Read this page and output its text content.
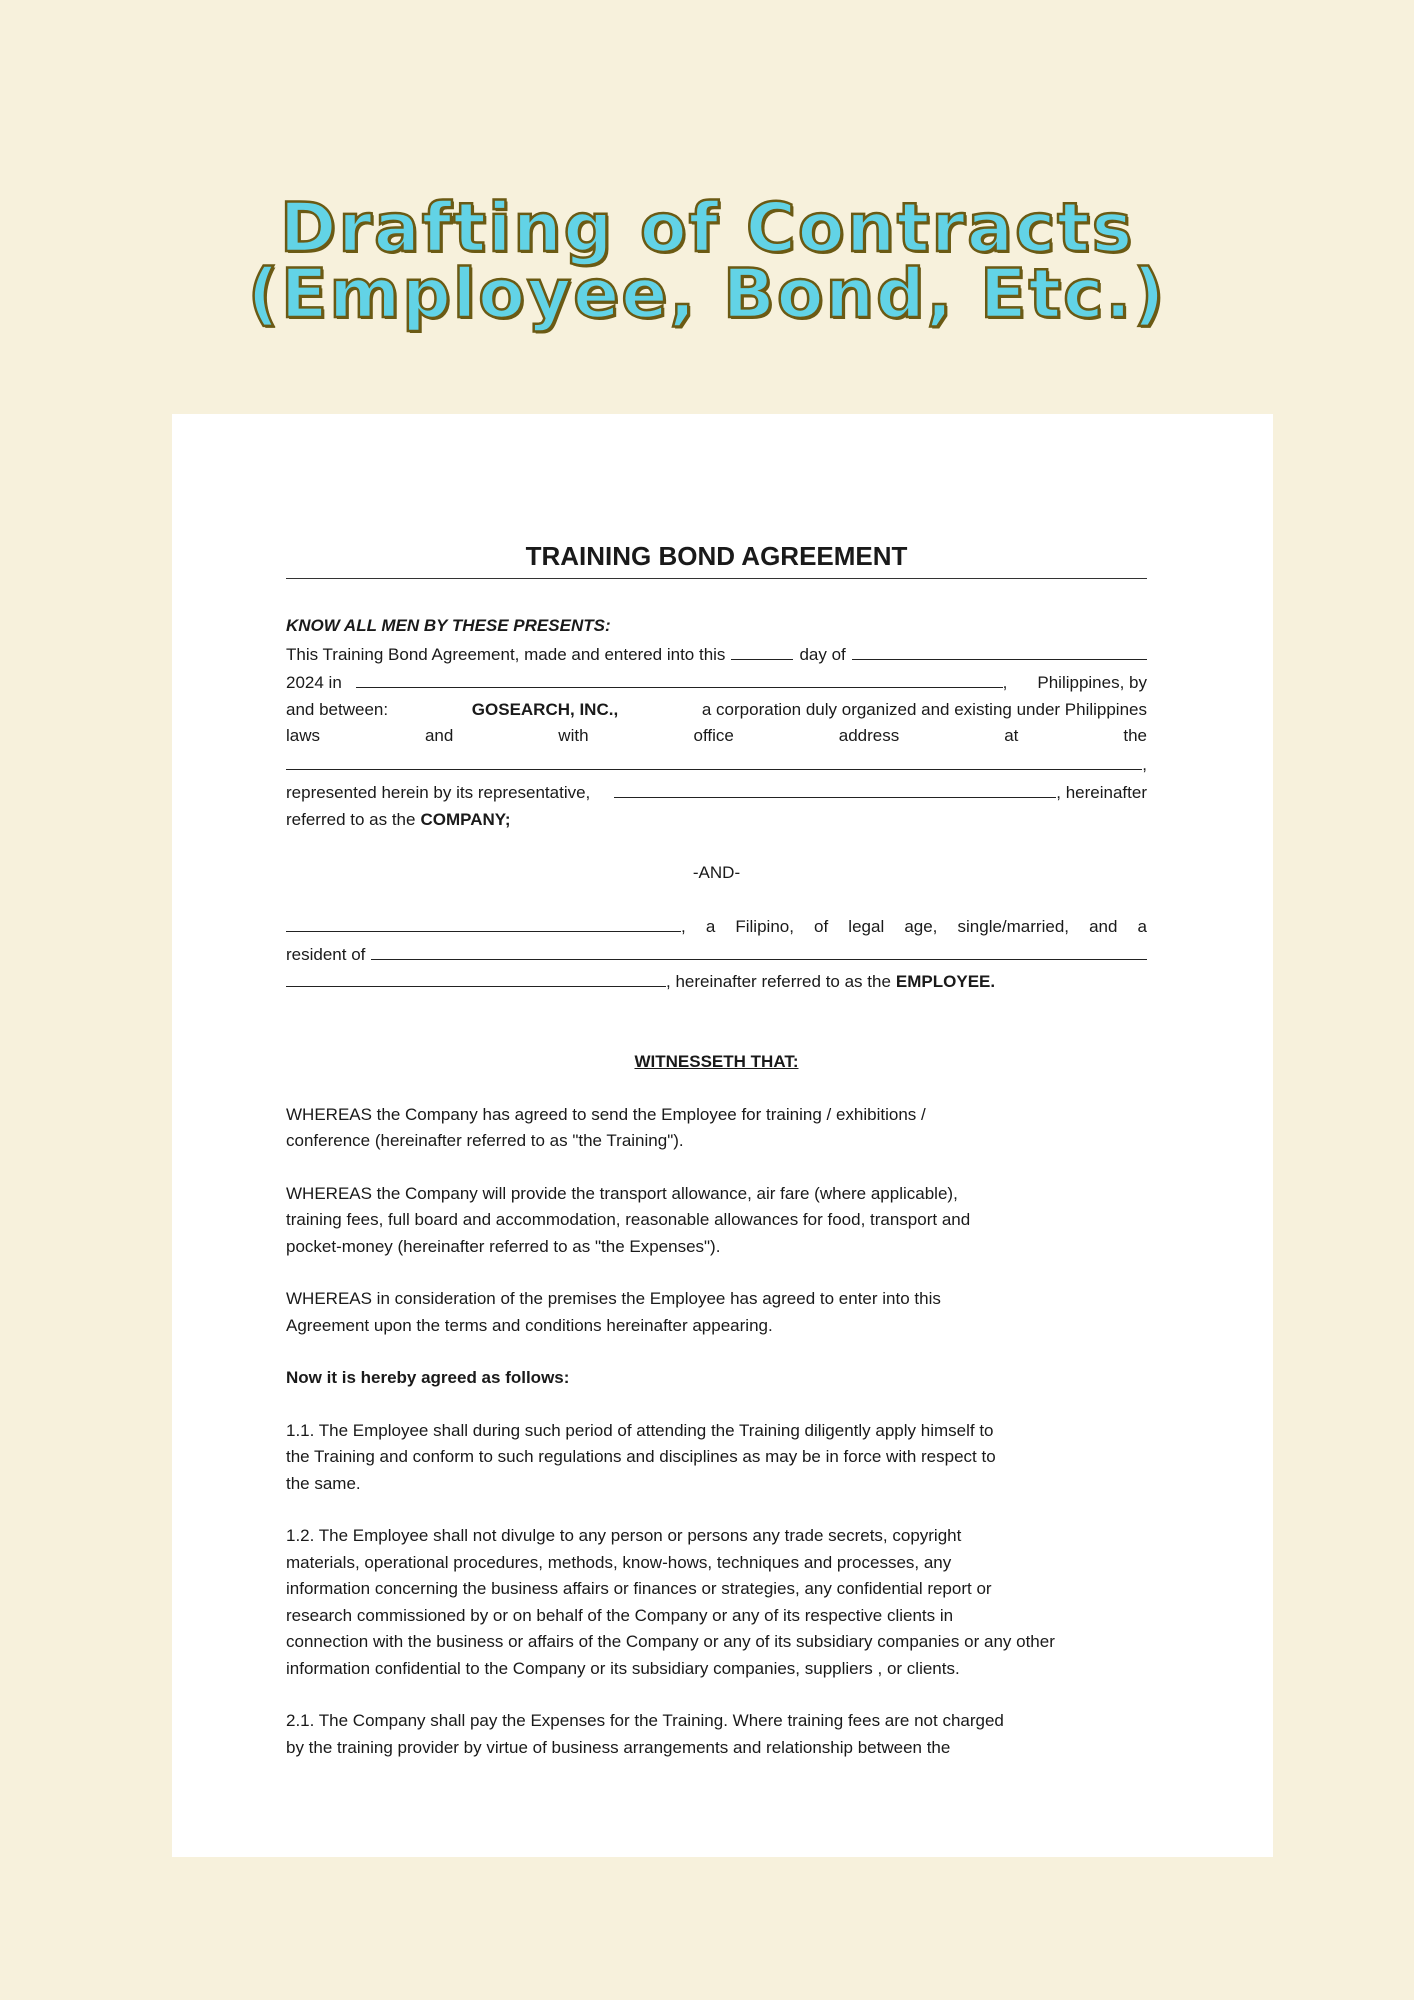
Drafting of Contracts
(Employee, Bond, Etc.)
TRAINING BOND AGREEMENT
KNOW ALL MEN BY THESE PRESENTS:
This Training Bond Agreement, made and entered into this	day of
2024 in	, Philippines, by
and between:	GOSEARCH, INC.,	a corporation duly organized and existing under Philippines
laws	and	with	office	address	at	the
,
represented herein by its representative,	, hereinafter
referred to as the COMPANY;
-AND-
, a Filipino, of legal age, single/married, and a
resident of
, hereinafter referred to as the EMPLOYEE.
WITNESSETH THAT:
WHEREAS the Company has agreed to send the Employee for training / exhibitions /
conference (hereinafter referred to as "the Training").
WHEREAS the Company will provide the transport allowance, air fare (where applicable),
training fees, full board and accommodation, reasonable allowances for food, transport and
pocket-money (hereinafter referred to as "the Expenses").
WHEREAS in consideration of the premises the Employee has agreed to enter into this
Agreement upon the terms and conditions hereinafter appearing.
Now it is hereby agreed as follows:
1.1. The Employee shall during such period of attending the Training diligently apply himself to
the Training and conform to such regulations and disciplines as may be in force with respect to
the same.
1.2. The Employee shall not divulge to any person or persons any trade secrets, copyright
materials, operational procedures, methods, know-hows, techniques and processes, any
information concerning the business affairs or finances or strategies, any confidential report or
research commissioned by or on behalf of the Company or any of its respective clients in
connection with the business or affairs of the Company or any of its subsidiary companies or any other
information confidential to the Company or its subsidiary companies, suppliers , or clients.
2.1. The Company shall pay the Expenses for the Training. Where training fees are not charged
by the training provider by virtue of business arrangements and relationship between the
